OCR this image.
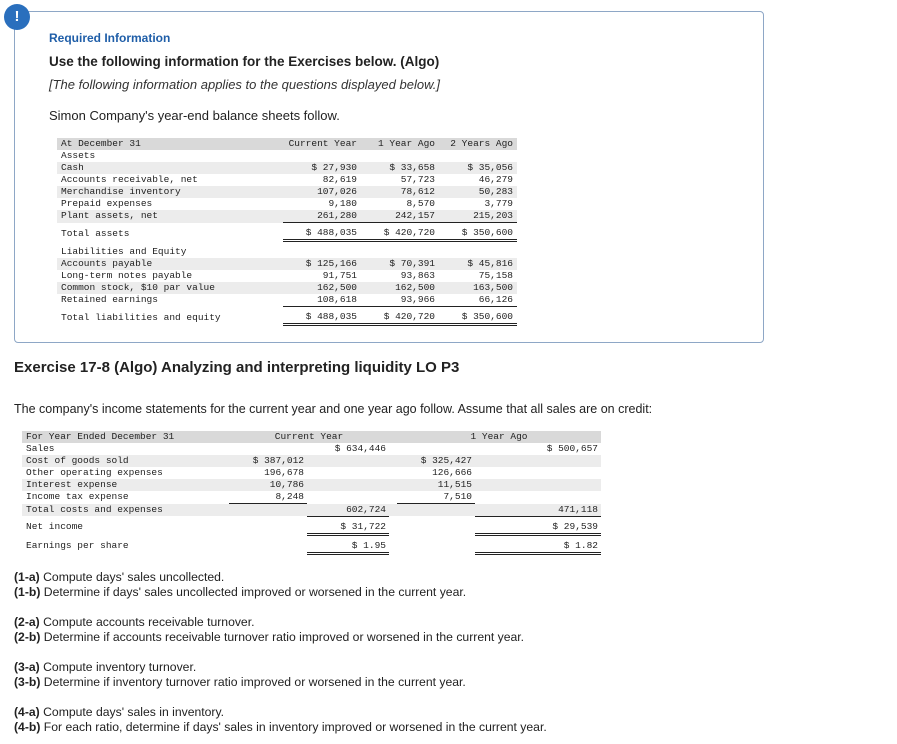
!
Required Information
Use the following information for the Exercises below. (Algo)
[The following information applies to the questions displayed below.]
Simon Company's year-end balance sheets follow.
At December 31	Current Year	1 Year Ago	2 Years Ago
Assets			
Cash	$ 27,930	$ 33,658	$ 35,056
Accounts receivable, net	82,619	57,723	46,279
Merchandise inventory	107,026	78,612	50,283
Prepaid expenses	9,180	8,570	3,779
Plant assets, net	261,280	242,157	215,203

Total assets	$ 488,035	$ 420,720	$ 350,600

Liabilities and Equity			
Accounts payable	$ 125,166	$ 70,391	$ 45,816
Long-term notes payable	91,751	93,863	75,158
Common stock, $10 par value	162,500	162,500	163,500
Retained earnings	108,618	93,966	66,126

Total liabilities and equity	$ 488,035	$ 420,720	$ 350,600
Exercise 17-8 (Algo) Analyzing and interpreting liquidity LO P3
The company's income statements for the current year and one year ago follow. Assume that all sales are on credit:
For Year Ended December 31	Current Year			1 Year Ago	
Sales		$ 634,446			$ 500,657
Cost of goods sold	$ 387,012			$ 325,427	
Other operating expenses	196,678			126,666	
Interest expense	10,786			11,515	
Income tax expense	8,248			7,510	
Total costs and expenses		602,724			471,118

Net income		$ 31,722			$ 29,539

Earnings per share		$ 1.95			$ 1.82
(1-a) Compute days' sales uncollected.
(1-b) Determine if days' sales uncollected improved or worsened in the current year.
(2-a) Compute accounts receivable turnover.
(2-b) Determine if accounts receivable turnover ratio improved or worsened in the current year.
(3-a) Compute inventory turnover.
(3-b) Determine if inventory turnover ratio improved or worsened in the current year.
(4-a) Compute days' sales in inventory.
(4-b) For each ratio, determine if days' sales in inventory improved or worsened in the current year.
